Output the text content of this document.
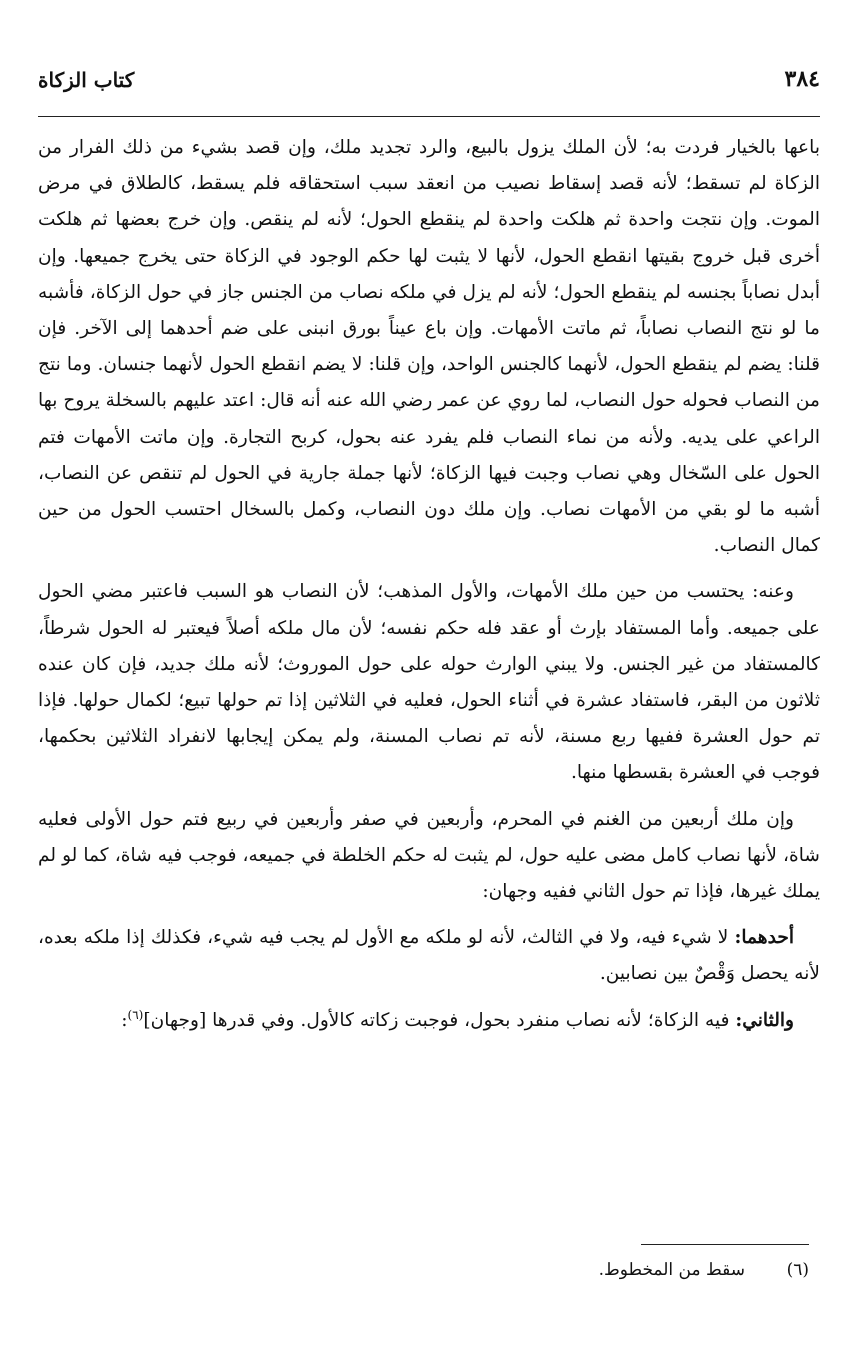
٣٨٤
كتاب الزكاة

باعها بالخيار فردت به؛ لأن الملك يزول بالبيع، والرد تجديد ملك، وإن قصد بشيء من ذلك الفرار من الزكاة لم تسقط؛ لأنه قصد إسقاط نصيب من انعقد سبب استحقاقه فلم يسقط، كالطلاق في مرض الموت. وإن نتجت واحدة ثم هلكت واحدة لم ينقطع الحول؛ لأنه لم ينقص. وإن خرج بعضها ثم هلكت أخرى قبل خروج بقيتها انقطع الحول، لأنها لا يثبت لها حكم الوجود في الزكاة حتى يخرج جميعها. وإن أبدل نصاباً بجنسه لم ينقطع الحول؛ لأنه لم يزل في ملكه نصاب من الجنس جاز في حول الزكاة، فأشبه ما لو نتج النصاب نصاباً، ثم ماتت الأمهات. وإن باع عيناً بورق انبنى على ضم أحدهما إلى الآخر. فإن قلنا: يضم لم ينقطع الحول، لأنهما كالجنس الواحد، وإن قلنا: لا يضم انقطع الحول لأنهما جنسان. وما نتج من النصاب فحوله حول النصاب، لما روي عن عمر رضي الله عنه أنه قال: اعتد عليهم بالسخلة يروح بها الراعي على يديه. ولأنه من نماء النصاب فلم يفرد عنه بحول، كربح التجارة. وإن ماتت الأمهات فتم الحول على السّخال وهي نصاب وجبت فيها الزكاة؛ لأنها جملة جارية في الحول لم تنقص عن النصاب، أشبه ما لو بقي من الأمهات نصاب. وإن ملك دون النصاب، وكمل بالسخال احتسب الحول من حين كمال النصاب.

وعنه: يحتسب من حين ملك الأمهات، والأول المذهب؛ لأن النصاب هو السبب فاعتبر مضي الحول على جميعه. وأما المستفاد بإرث أو عقد فله حكم نفسه؛ لأن مال ملكه أصلاً فيعتبر له الحول شرطاً، كالمستفاد من غير الجنس. ولا يبني الوارث حوله على حول الموروث؛ لأنه ملك جديد، فإن كان عنده ثلاثون من البقر، فاستفاد عشرة في أثناء الحول، فعليه في الثلاثين إذا تم حولها تبيع؛ لكمال حولها. فإذا تم حول العشرة ففيها ربع مسنة، لأنه تم نصاب المسنة، ولم يمكن إيجابها لانفراد الثلاثين بحكمها، فوجب في العشرة بقسطها منها.

وإن ملك أربعين من الغنم في المحرم، وأربعين في صفر وأربعين في ربيع فتم حول الأولى فعليه شاة، لأنها نصاب كامل مضى عليه حول، لم يثبت له حكم الخلطة في جميعه، فوجب فيه شاة، كما لو لم يملك غيرها، فإذا تم حول الثاني ففيه وجهان:

أحدهما: لا شيء فيه، ولا في الثالث، لأنه لو ملكه مع الأول لم يجب فيه شيء، فكذلك إذا ملكه بعده، لأنه يحصل وَقْصٌ بين نصابين.

والثاني: فيه الزكاة؛ لأنه نصاب منفرد بحول، فوجبت زكاته كالأول. وفي قدرها [وجهان]$^{(٦)}$:

(٦)سقط من المخطوط.
